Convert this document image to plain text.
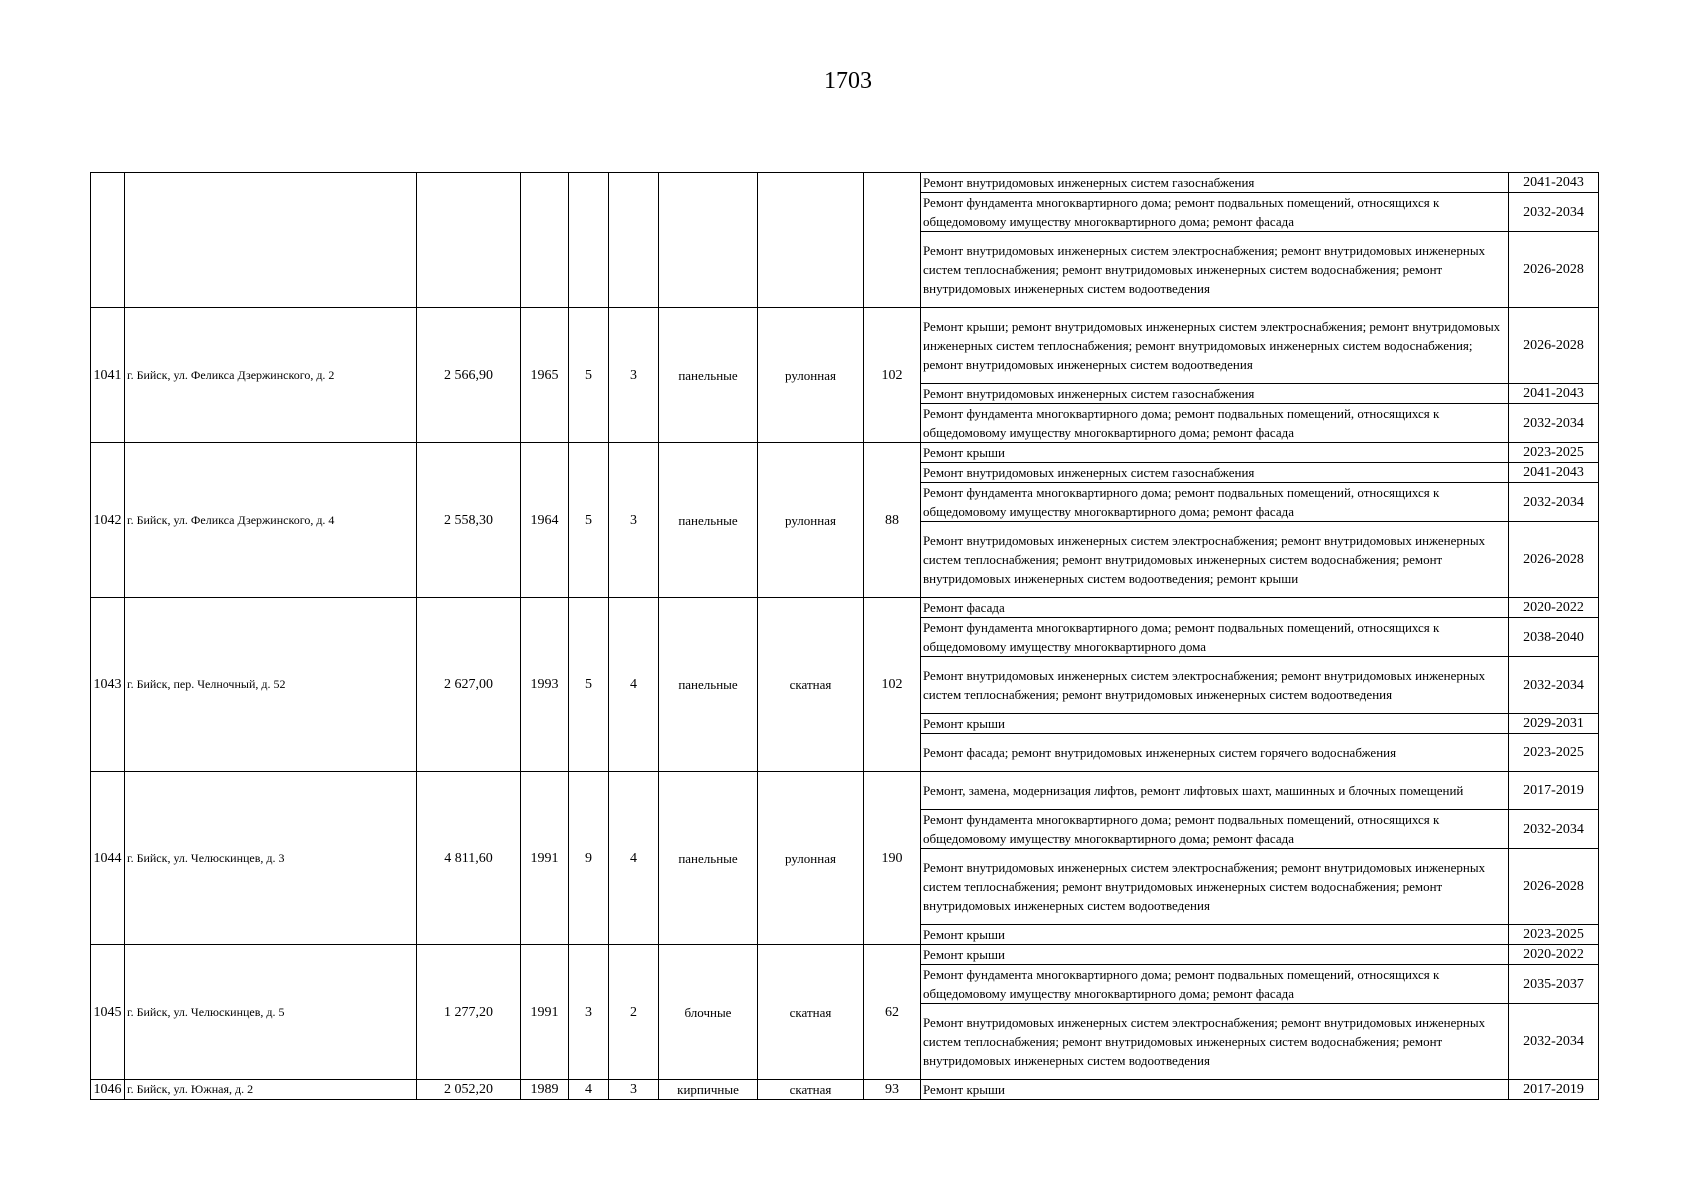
1703
									Ремонт внутридомовых инженерных систем газоснабжения	2041-2043
									Ремонт фундамента многоквартирного дома; ремонт подвальных помещений, относящихся к общедомовому имуществу многоквартирного дома; ремонт фасада	2032-2034
									Ремонт внутридомовых инженерных систем электроснабжения; ремонт внутридомовых инженерных систем теплоснабжения; ремонт внутридомовых инженерных систем водоснабжения; ремонт внутридомовых инженерных систем водоотведения	2026-2028
1041	г. Бийск, ул. Феликса Дзержинского, д. 2	2 566,90	1965	5	3	панельные	рулонная	102	Ремонт крыши; ремонт внутридомовых инженерных систем электроснабжения; ремонт внутридомовых инженерных систем теплоснабжения; ремонт внутридомовых инженерных систем водоснабжения; ремонт внутридомовых инженерных систем водоотведения	2026-2028
									Ремонт внутридомовых инженерных систем газоснабжения	2041-2043
									Ремонт фундамента многоквартирного дома; ремонт подвальных помещений, относящихся к общедомовому имуществу многоквартирного дома; ремонт фасада	2032-2034
1042	г. Бийск, ул. Феликса Дзержинского, д. 4	2 558,30	1964	5	3	панельные	рулонная	88	Ремонт крыши	2023-2025
									Ремонт внутридомовых инженерных систем газоснабжения	2041-2043
									Ремонт фундамента многоквартирного дома; ремонт подвальных помещений, относящихся к общедомовому имуществу многоквартирного дома; ремонт фасада	2032-2034
									Ремонт внутридомовых инженерных систем электроснабжения; ремонт внутридомовых инженерных систем теплоснабжения; ремонт внутридомовых инженерных систем водоснабжения; ремонт внутридомовых инженерных систем водоотведения; ремонт крыши	2026-2028
1043	г. Бийск, пер. Челночный, д. 52	2 627,00	1993	5	4	панельные	скатная	102	Ремонт фасада	2020-2022
									Ремонт фундамента многоквартирного дома; ремонт подвальных помещений, относящихся к общедомовому имуществу многоквартирного дома	2038-2040
									Ремонт внутридомовых инженерных систем электроснабжения; ремонт внутридомовых инженерных систем теплоснабжения; ремонт внутридомовых инженерных систем водоотведения	2032-2034
									Ремонт крыши	2029-2031
									Ремонт фасада; ремонт внутридомовых инженерных систем горячего водоснабжения	2023-2025
1044	г. Бийск, ул. Челюскинцев, д. 3	4 811,60	1991	9	4	панельные	рулонная	190	Ремонт, замена, модернизация лифтов, ремонт лифтовых шахт, машинных и блочных помещений	2017-2019
									Ремонт фундамента многоквартирного дома; ремонт подвальных помещений, относящихся к общедомовому имуществу многоквартирного дома; ремонт фасада	2032-2034
									Ремонт внутридомовых инженерных систем электроснабжения; ремонт внутридомовых инженерных систем теплоснабжения; ремонт внутридомовых инженерных систем водоснабжения; ремонт внутридомовых инженерных систем водоотведения	2026-2028
									Ремонт крыши	2023-2025
1045	г. Бийск, ул. Челюскинцев, д. 5	1 277,20	1991	3	2	блочные	скатная	62	Ремонт крыши	2020-2022
									Ремонт фундамента многоквартирного дома; ремонт подвальных помещений, относящихся к общедомовому имуществу многоквартирного дома; ремонт фасада	2035-2037
									Ремонт внутридомовых инженерных систем электроснабжения; ремонт внутридомовых инженерных систем теплоснабжения; ремонт внутридомовых инженерных систем водоснабжения; ремонт внутридомовых инженерных систем водоотведения	2032-2034
1046	г. Бийск, ул. Южная, д. 2	2 052,20	1989	4	3	кирпичные	скатная	93	Ремонт крыши	2017-2019
